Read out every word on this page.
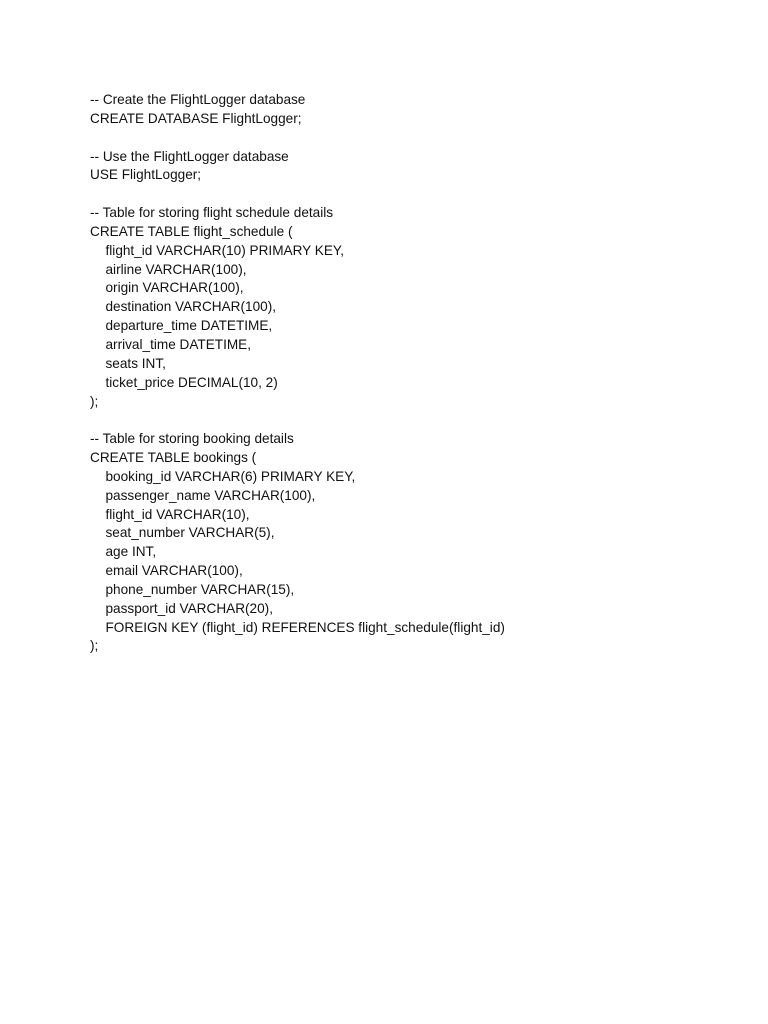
-- Create the FlightLogger database
CREATE DATABASE FlightLogger;
-- Use the FlightLogger database
USE FlightLogger;
-- Table for storing flight schedule details
CREATE TABLE flight_schedule (
flight_id VARCHAR(10) PRIMARY KEY,
airline VARCHAR(100),
origin VARCHAR(100),
destination VARCHAR(100),
departure_time DATETIME,
arrival_time DATETIME,
seats INT,
ticket_price DECIMAL(10, 2)
);
-- Table for storing booking details
CREATE TABLE bookings (
booking_id VARCHAR(6) PRIMARY KEY,
passenger_name VARCHAR(100),
flight_id VARCHAR(10),
seat_number VARCHAR(5),
age INT,
email VARCHAR(100),
phone_number VARCHAR(15),
passport_id VARCHAR(20),
FOREIGN KEY (flight_id) REFERENCES flight_schedule(flight_id)
);
